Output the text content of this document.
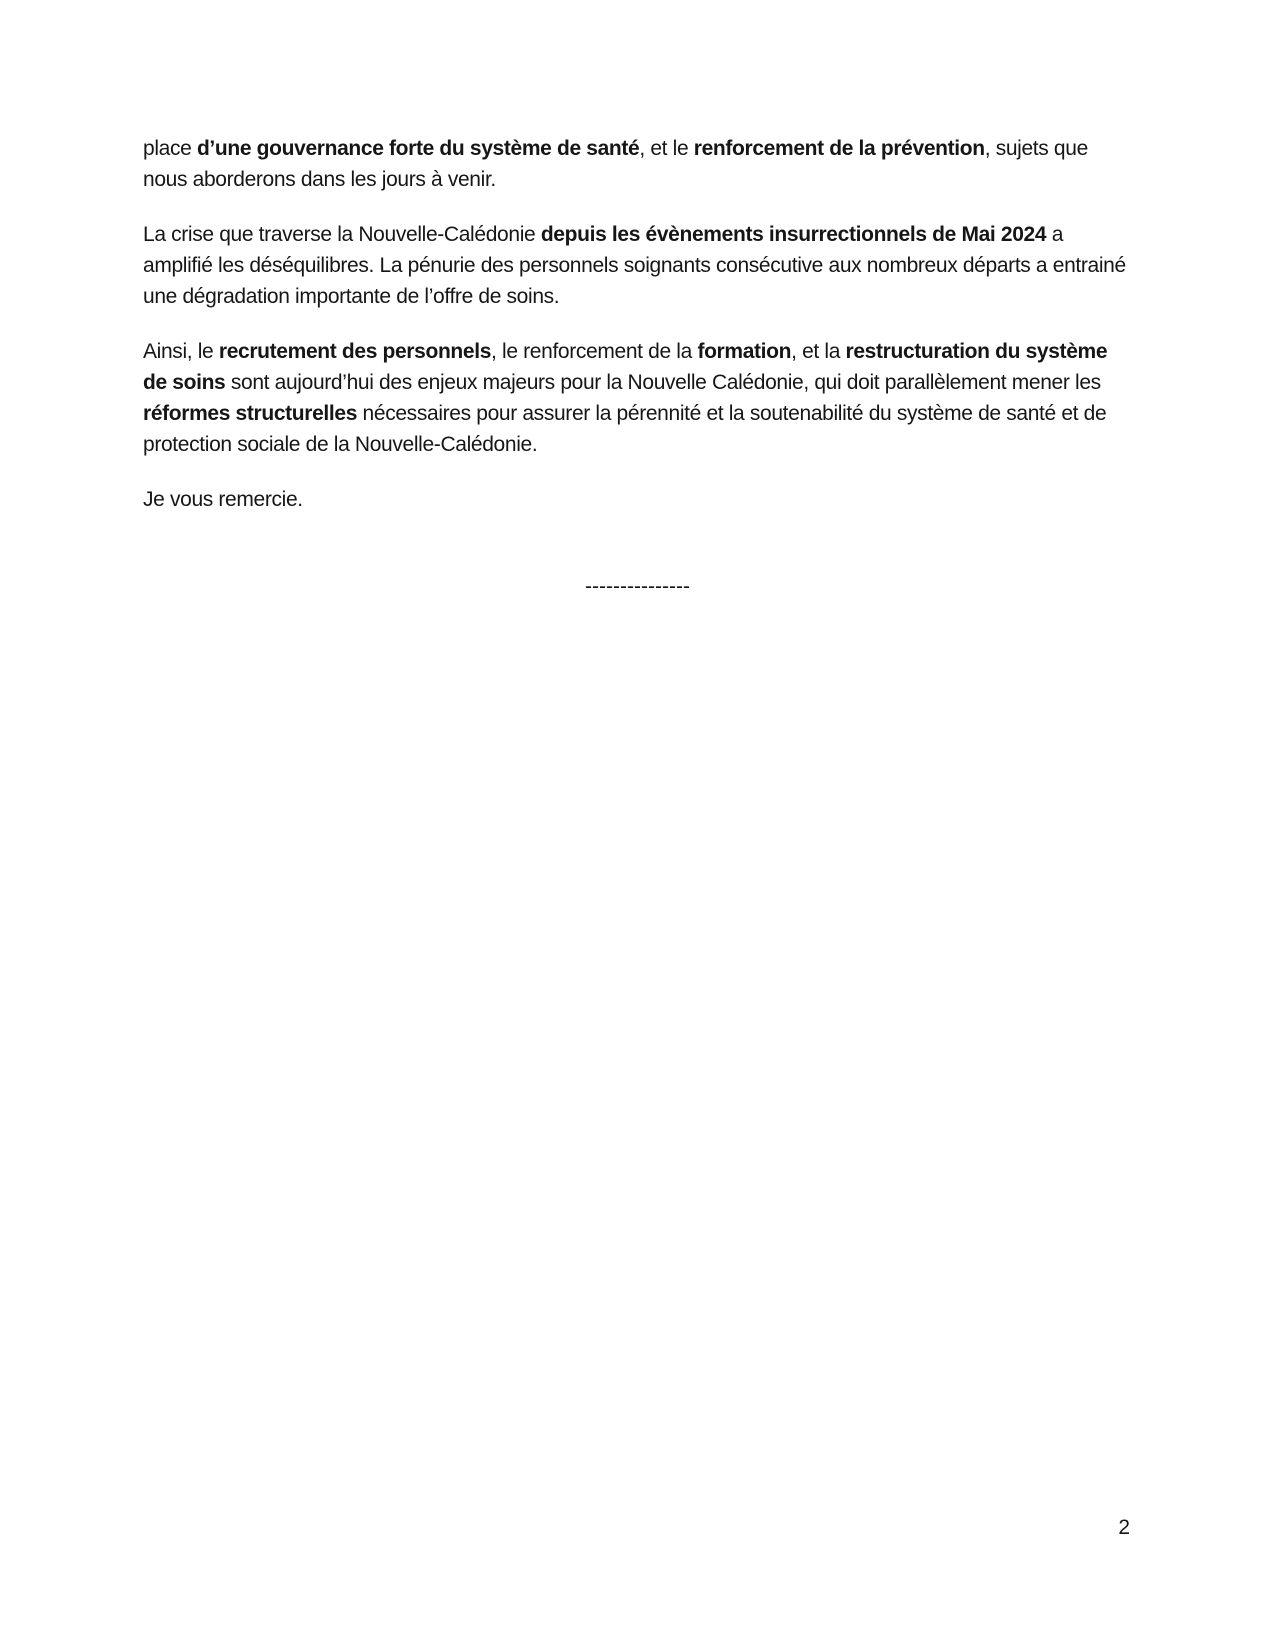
place d’une gouvernance forte du système de santé, et le renforcement de la prévention, sujets que nous aborderons dans les jours à venir.

La crise que traverse la Nouvelle-Calédonie depuis les évènements insurrectionnels de Mai 2024 a amplifié les déséquilibres. La pénurie des personnels soignants consécutive aux nombreux départs a entrainé une dégradation importante de l’offre de soins.

Ainsi, le recrutement des personnels, le renforcement de la formation, et la restructuration du système de soins sont aujourd’hui des enjeux majeurs pour la Nouvelle Calédonie, qui doit parallèlement mener les réformes structurelles nécessaires pour assurer la pérennité et la soutenabilité du système de santé et de protection sociale de la Nouvelle-Calédonie.

Je vous remercie.

---------------
2
